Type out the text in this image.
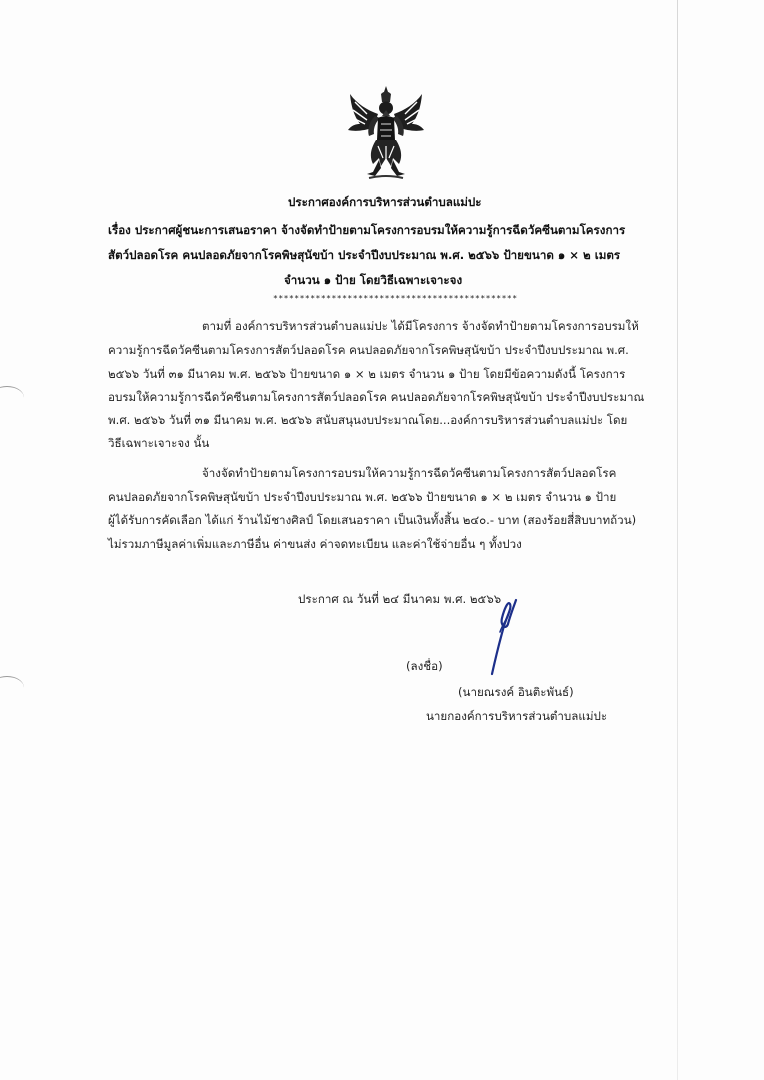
ประกาศองค์การบริหารส่วนตำบลแม่ปะ
เรื่อง ประกาศผู้ชนะการเสนอราคา จ้างจัดทำป้ายตามโครงการอบรมให้ความรู้การฉีดวัคซีนตามโครงการ
สัตว์ปลอดโรค คนปลอดภัยจากโรคพิษสุนัขบ้า ประจำปีงบประมาณ พ.ศ. ๒๕๖๖ ป้ายขนาด ๑ × ๒ เมตร
จำนวน ๑ ป้าย โดยวิธีเฉพาะเจาะจง
**********************************************
ตามที่ องค์การบริหารส่วนตำบลแม่ปะ ได้มีโครงการ จ้างจัดทำป้ายตามโครงการอบรมให้
ความรู้การฉีดวัคซีนตามโครงการสัตว์ปลอดโรค คนปลอดภัยจากโรคพิษสุนัขบ้า ประจำปีงบประมาณ พ.ศ.
๒๕๖๖ วันที่ ๓๑ มีนาคม พ.ศ. ๒๕๖๖ ป้ายขนาด ๑ × ๒ เมตร จำนวน ๑ ป้าย โดยมีข้อความดังนี้ โครงการ
อบรมให้ความรู้การฉีดวัคซีนตามโครงการสัตว์ปลอดโรค คนปลอดภัยจากโรคพิษสุนัขบ้า ประจำปีงบประมาณ
พ.ศ. ๒๕๖๖ วันที่ ๓๑ มีนาคม พ.ศ. ๒๕๖๖ สนับสนุนงบประมาณโดย...องค์การบริหารส่วนตำบลแม่ปะ โดย
วิธีเฉพาะเจาะจง นั้น
จ้างจัดทำป้ายตามโครงการอบรมให้ความรู้การฉีดวัคซีนตามโครงการสัตว์ปลอดโรค
คนปลอดภัยจากโรคพิษสุนัขบ้า ประจำปีงบประมาณ พ.ศ. ๒๕๖๖ ป้ายขนาด ๑ × ๒ เมตร จำนวน ๑ ป้าย
ผู้ได้รับการคัดเลือก ได้แก่ ร้านไม้ชางศิลป์ โดยเสนอราคา เป็นเงินทั้งสิ้น ๒๔๐.- บาท (สองร้อยสี่สิบบาทถ้วน)
ไม่รวมภาษีมูลค่าเพิ่มและภาษีอื่น ค่าขนส่ง ค่าจดทะเบียน และค่าใช้จ่ายอื่น ๆ ทั้งปวง
ประกาศ ณ วันที่ ๒๔ มีนาคม พ.ศ. ๒๕๖๖
(ลงชื่อ)
(นายณรงค์ อินติะพันธ์)
นายกองค์การบริหารส่วนตำบลแม่ปะ
